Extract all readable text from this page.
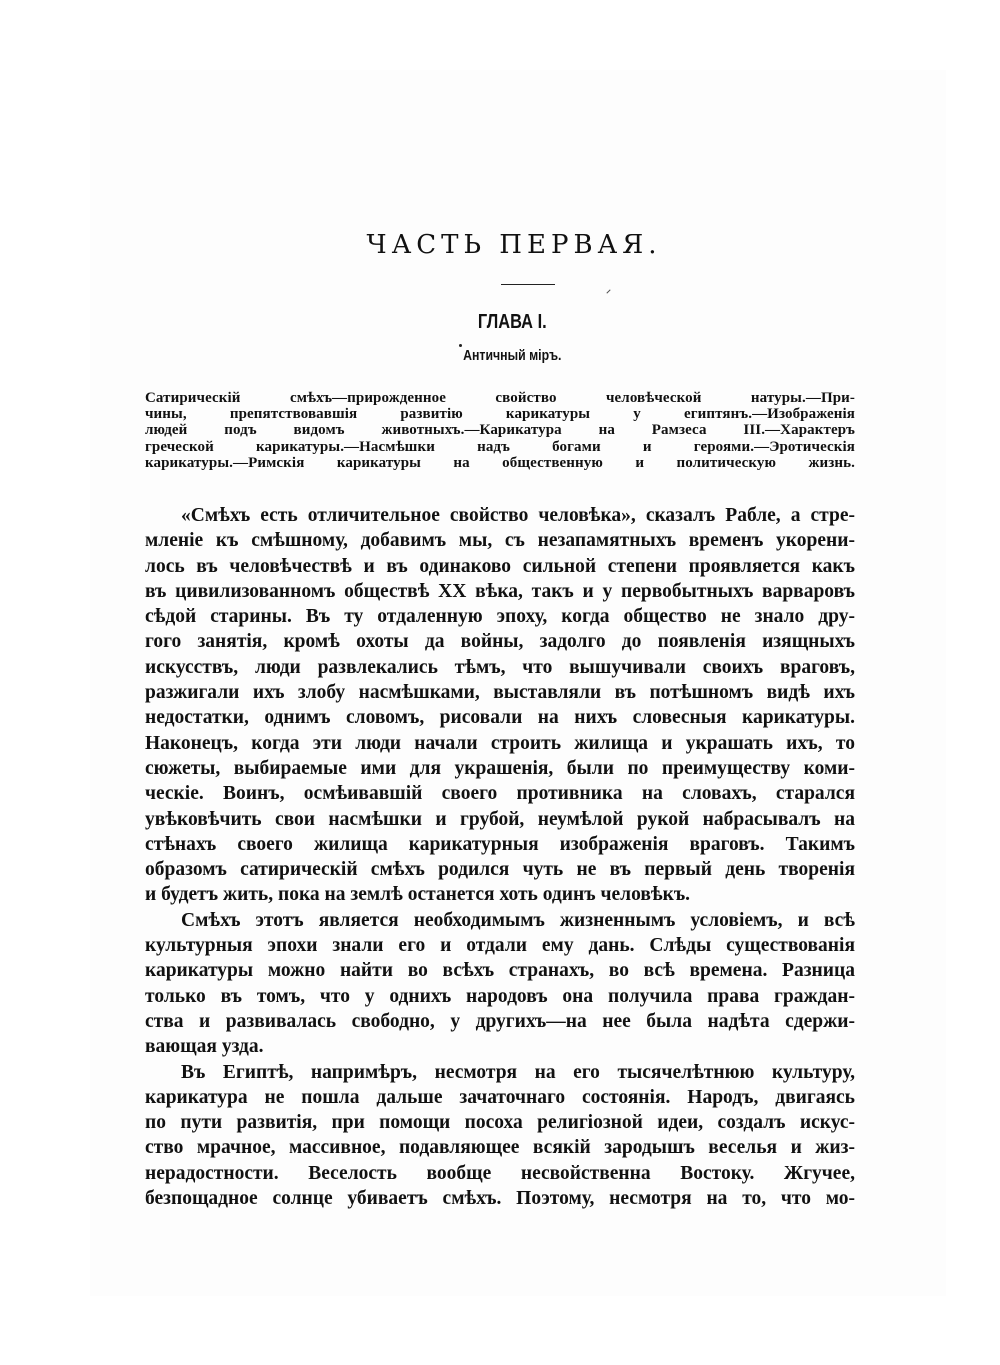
ЧАСТЬ ПЕРВАЯ.
ГЛАВА I.
Античный міръ.
Сатирическій смѣхъ—прирожденное свойство человѣческой натуры.—При-
чины, препятствовавшія развитію карикатуры у египтянъ.—Изображенія
людей подъ видомъ животныхъ.—Карикатура на Рамзеса III.—Характеръ
греческой карикатуры.—Насмѣшки надъ богами и героями.—Эротическія
карикатуры.—Римскія карикатуры на общественную и политическую жизнь.
«Смѣхъ есть отличительное свойство человѣка», сказалъ Рабле, а стре-
мленіе къ смѣшному, добавимъ мы, съ незапамятныхъ временъ укорени-
лось въ человѣчествѣ и въ одинаково сильной степени проявляется какъ
въ цивилизованномъ обществѣ XX вѣка, такъ и у первобытныхъ варваровъ
сѣдой старины. Въ ту отдаленную эпоху, когда общество не знало дру-
гого занятія, кромѣ охоты да войны, задолго до появленія изящныхъ
искусствъ, люди развлекались тѣмъ, что вышучивали своихъ враговъ,
разжигали ихъ злобу насмѣшками, выставляли въ потѣшномъ видѣ ихъ
недостатки, однимъ словомъ, рисовали на нихъ словесныя карикатуры.
Наконецъ, когда эти люди начали строить жилища и украшать ихъ, то
сюжеты, выбираемые ими для украшенія, были по преимуществу коми-
ческіе. Воинъ, осмѣивавшій своего противника на словахъ, старался
увѣковѣчить свои насмѣшки и грубой, неумѣлой рукой набрасывалъ на
стѣнахъ своего жилища карикатурныя изображенія враговъ. Такимъ
образомъ сатирическій смѣхъ родился чуть не въ первый день творенія
и будетъ жить, пока на землѣ останется хоть одинъ человѣкъ.
Смѣхъ этотъ является необходимымъ жизненнымъ условіемъ, и всѣ
культурныя эпохи знали его и отдали ему дань. Слѣды существованія
карикатуры можно найти во всѣхъ странахъ, во всѣ времена. Разница
только въ томъ, что у однихъ народовъ она получила права граждан-
ства и развивалась свободно, у другихъ—на нее была надѣта сдержи-
вающая узда.
Въ Египтѣ, напримѣръ, несмотря на его тысячелѣтнюю культуру,
карикатура не пошла дальше зачаточнаго состоянія. Народъ, двигаясь
по пути развитія, при помощи посоха религіозной идеи, создалъ искус-
ство мрачное, массивное, подавляющее всякій зародышъ веселья и жиз-
нерадостности. Веселость вообще несвойственна Востоку. Жгучее,
безпощадное солнце убиваетъ смѣхъ. Поэтому, несмотря на то, что мо-
